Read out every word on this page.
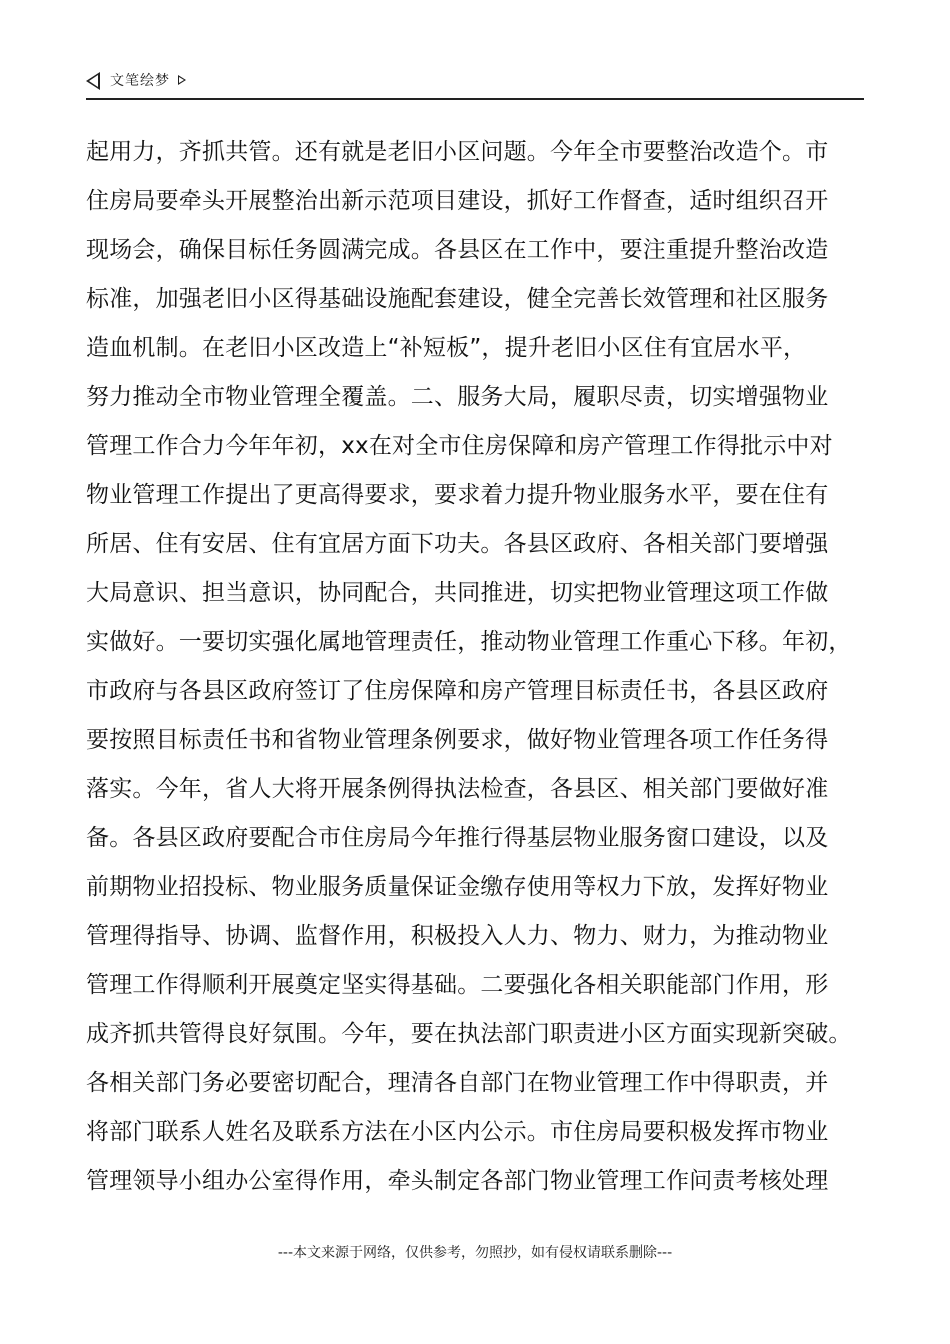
文笔绘梦
起用力，齐抓共管。还有就是老旧小区问题。今年全市要整治改造个。市
住房局要牵头开展整治出新示范项目建设，抓好工作督查，适时组织召开
现场会，确保目标任务圆满完成。各县区在工作中，要注重提升整治改造
标准，加强老旧小区得基础设施配套建设，健全完善长效管理和社区服务
造血机制。在老旧小区改造上“补短板”，提升老旧小区住有宜居水平，
努力推动全市物业管理全覆盖。二、服务大局，履职尽责，切实增强物业
管理工作合力今年年初，xx在对全市住房保障和房产管理工作得批示中对
物业管理工作提出了更高得要求，要求着力提升物业服务水平，要在住有
所居、住有安居、住有宜居方面下功夫。各县区政府、各相关部门要增强
大局意识、担当意识，协同配合，共同推进，切实把物业管理这项工作做
实做好。一要切实强化属地管理责任，推动物业管理工作重心下移。年初，
市政府与各县区政府签订了住房保障和房产管理目标责任书，各县区政府
要按照目标责任书和省物业管理条例要求，做好物业管理各项工作任务得
落实。今年，省人大将开展条例得执法检查，各县区、相关部门要做好准
备。各县区政府要配合市住房局今年推行得基层物业服务窗口建设，以及
前期物业招投标、物业服务质量保证金缴存使用等权力下放，发挥好物业
管理得指导、协调、监督作用，积极投入人力、物力、财力，为推动物业
管理工作得顺利开展奠定坚实得基础。二要强化各相关职能部门作用，形
成齐抓共管得良好氛围。今年，要在执法部门职责进小区方面实现新突破。
各相关部门务必要密切配合，理清各自部门在物业管理工作中得职责，并
将部门联系人姓名及联系方法在小区内公示。市住房局要积极发挥市物业
管理领导小组办公室得作用，牵头制定各部门物业管理工作问责考核处理
---本文来源于网络，仅供参考，勿照抄，如有侵权请联系删除---
